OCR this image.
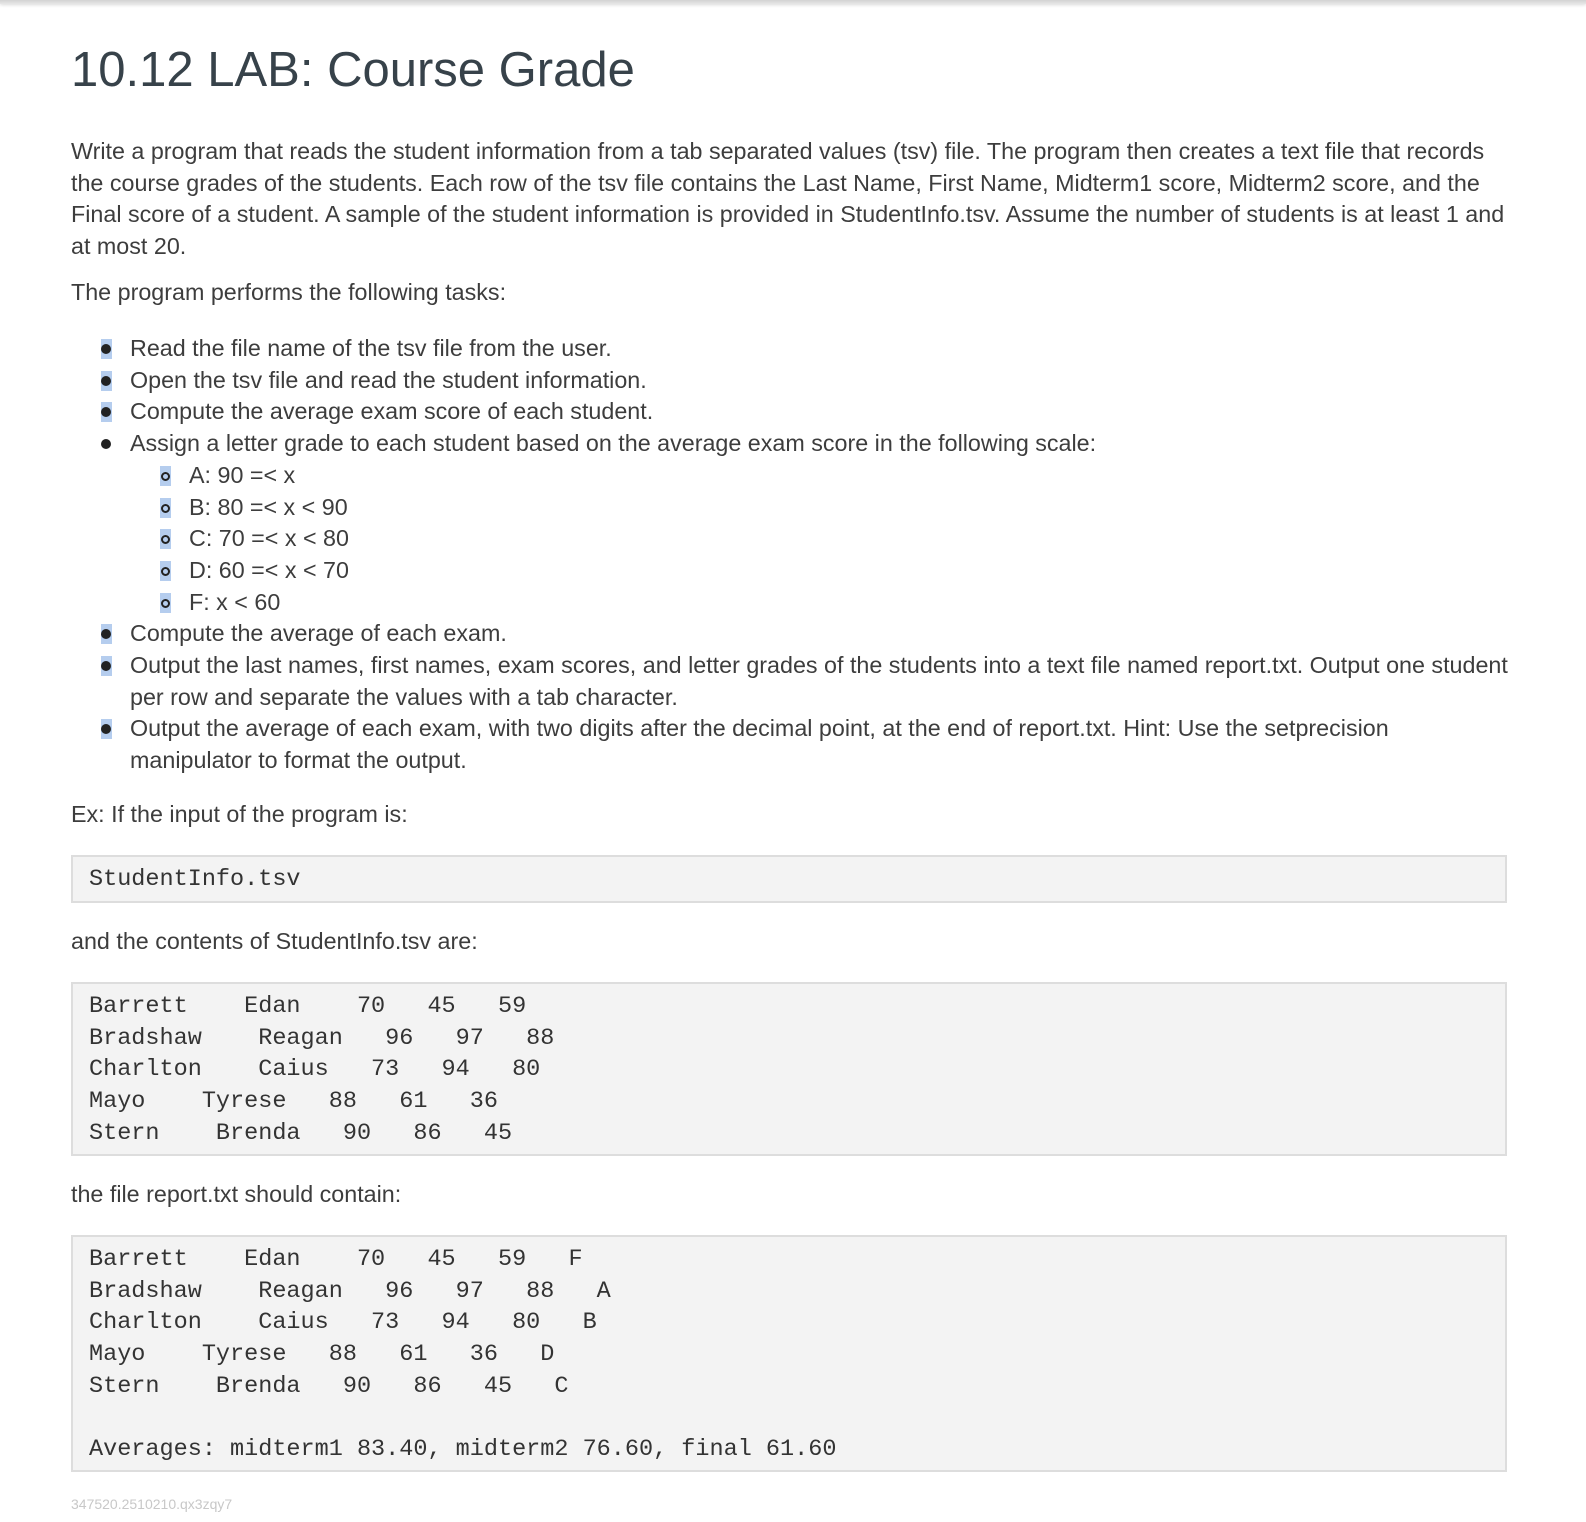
10.12 LAB: Course Grade

Write a program that reads the student information from a tab separated values (tsv) file. The program then creates a text file that records the course grades of the students. Each row of the tsv file contains the Last Name, First Name, Midterm1 score, Midterm2 score, and the Final score of a student. A sample of the student information is provided in StudentInfo.tsv. Assume the number of students is at least 1 and at most 20.

The program performs the following tasks:

Read the file name of the tsv file from the user.
Open the tsv file and read the student information.
Compute the average exam score of each student.
Assign a letter grade to each student based on the average exam score in the following scale:
A: 90 =< x
B: 80 =< x < 90
C: 70 =< x < 80
D: 60 =< x < 70
F: x < 60
Compute the average of each exam.
Output the last names, first names, exam scores, and letter grades of the students into a text file named report.txt. Output one student per row and separate the values with a tab character.
Output the average of each exam, with two digits after the decimal point, at the end of report.txt. Hint: Use the setprecision manipulator to format the output.

Ex: If the input of the program is:

StudentInfo.tsv

and the contents of StudentInfo.tsv are:

Barrett    Edan    70   45   59
Bradshaw    Reagan   96   97   88
Charlton    Caius   73   94   80
Mayo    Tyrese   88   61   36
Stern    Brenda   90   86   45

the file report.txt should contain:

Barrett    Edan    70   45   59   F
Bradshaw    Reagan   96   97   88   A
Charlton    Caius   73   94   80   B
Mayo    Tyrese   88   61   36   D
Stern    Brenda   90   86   45   C
Averages: midterm1 83.40, midterm2 76.60, final 61.60
347520.2510210.qx3zqy7
